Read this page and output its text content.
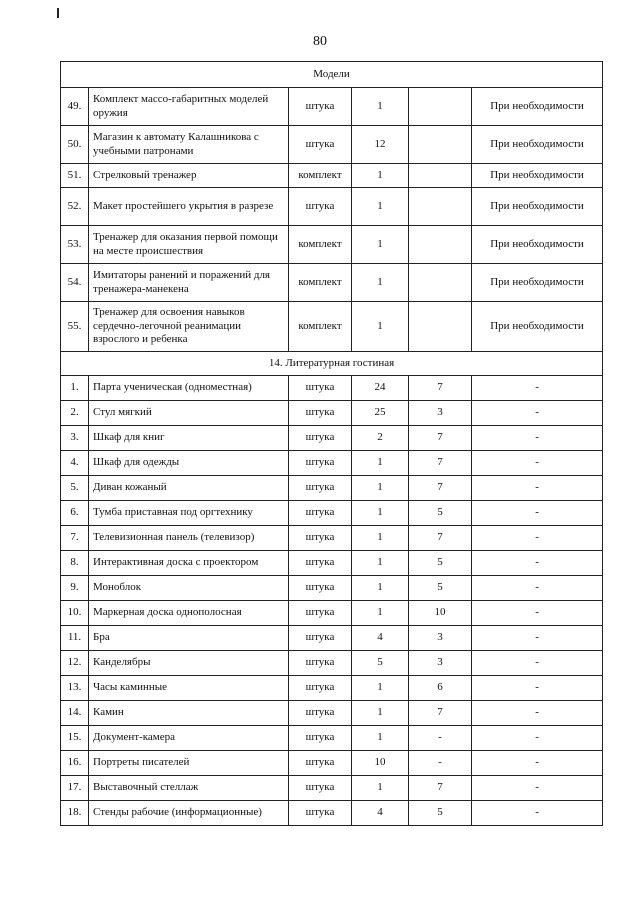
80
Модели					
49.	Комплект массо-габаритных моделей оружия	штука	1		При необходимости
50.	Магазин к автомату Калашникова с учебными патронами	штука	12		При необходимости
51.	Стрелковый тренажер	комплект	1		При необходимости
52.	Макет простейшего укрытия в разрезе	штука	1		При необходимости
53.	Тренажер для оказания первой помощи на месте происшествия	комплект	1		При необходимости
54.	Имитаторы ранений и поражений для тренажера-манекена	комплект	1		При необходимости
55.	Тренажер для освоения навыков сердечно-легочной реанимации взрослого и ребенка	комплект	1		При необходимости
14. Литературная гостиная					
1.	Парта ученическая (одноместная)	штука	24	7	-
2.	Стул мягкий	штука	25	3	-
3.	Шкаф для книг	штука	2	7	-
4.	Шкаф для одежды	штука	1	7	-
5.	Диван кожаный	штука	1	7	-
6.	Тумба приставная под оргтехнику	штука	1	5	-
7.	Телевизионная панель (телевизор)	штука	1	7	-
8.	Интерактивная доска с проектором	штука	1	5	-
9.	Моноблок	штука	1	5	-
10.	Маркерная доска однополосная	штука	1	10	-
11.	Бра	штука	4	3	-
12.	Канделябры	штука	5	3	-
13.	Часы каминные	штука	1	6	-
14.	Камин	штука	1	7	-
15.	Документ-камера	штука	1	-	-
16.	Портреты писателей	штука	10	-	-
17.	Выставочный стеллаж	штука	1	7	-
18.	Стенды рабочие (информационные)	штука	4	5	-
